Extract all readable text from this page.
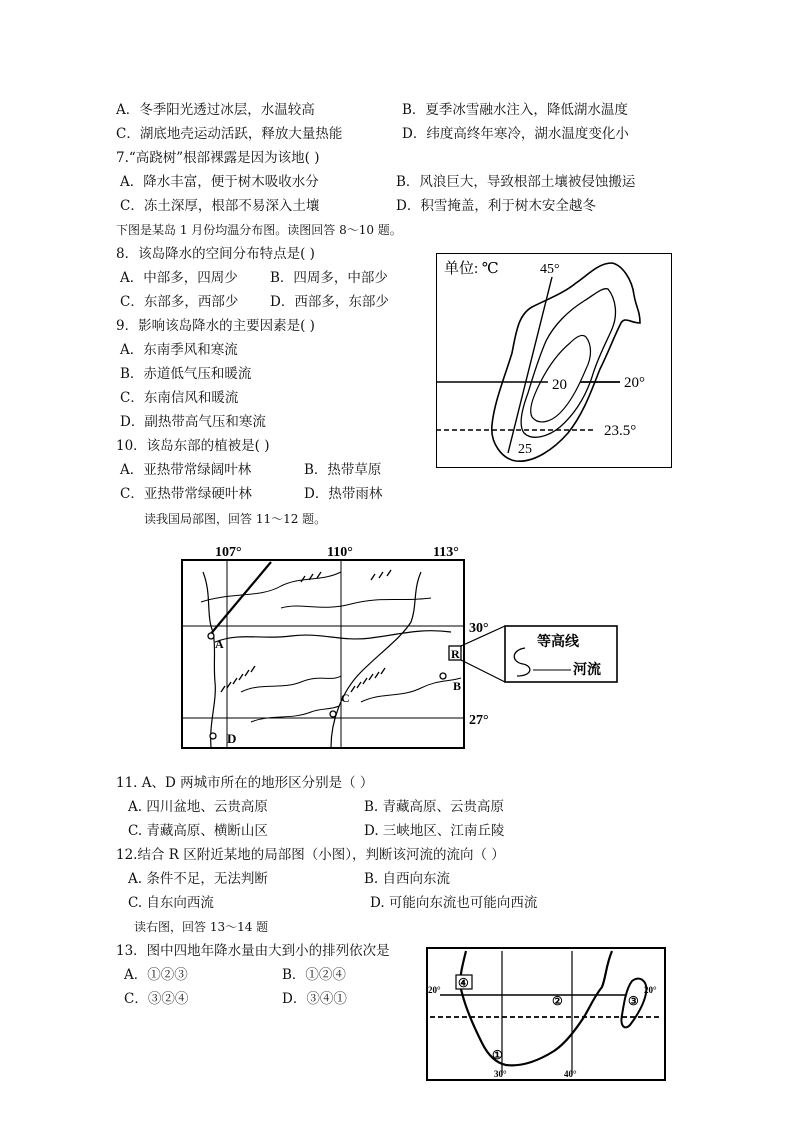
A．冬季阳光透过冰层，水温较高	B．夏季冰雪融水注入，降低湖水温度
C．湖底地壳运动活跃，释放大量热能	D．纬度高终年寒冷，湖水温度变化小
7.“高跷树”根部裸露是因为该地( )
A．降水丰富，便于树木吸收水分	B．风浪巨大，导致根部土壤被侵蚀搬运
C．冻土深厚，根部不易深入土壤	D．积雪掩盖，利于树木安全越冬
下图是某岛 1 月份均温分布图。读图回答 8～10 题。
8．该岛降水的空间分布特点是( )
A．中部多，四周少 B．四周多，中部少
C．东部多，西部少 D．西部多，东部少
9．影响该岛降水的主要因素是( )
A．东南季风和寒流
B．赤道低气压和暖流
C．东南信风和暖流
D．副热带高气压和寒流
10．该岛东部的植被是( )
A．亚热带常绿阔叶林	B．热带草原
C．亚热带常绿硬叶林	D．热带雨林
读我国局部图，回答 11～12 题。
单位: ℃	45°
20	20°
23.5°
25
107°	110°	113°
30°
27°
A
D
C
B
R
等高线
河流
11. A、D 两城市所在的地形区分别是（ ）
A. 四川盆地、云贵高原	B. 青藏高原、云贵高原
C. 青藏高原、横断山区	D. 三峡地区、江南丘陵
12.结合 R 区附近某地的局部图（小图），判断该河流的流向（ ）
A. 条件不足，无法判断	B. 自西向东流
C. 自东向西流	D. 可能向东流也可能向西流
读右图，回答 13～14 题
13．图中四地年降水量由大到小的排列依次是
A．①②③	B．①②④
C．③②④	D．③④①
20°	20°
④
②	③
①
30°	40°
